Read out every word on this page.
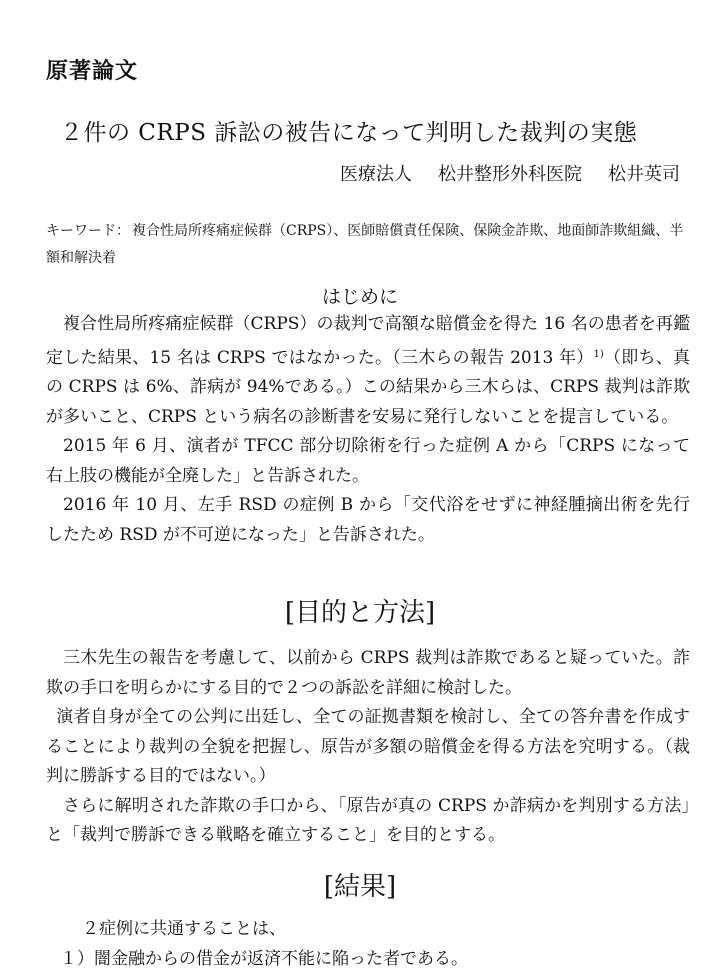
原著論文
２件の CRPS 訴訟の被告になって判明した裁判の実態
医療法人 松井整形外科医院 松井英司
キーワード： 複合性局所疼痛症候群（CRPS）、医師賠償責任保険、保険金詐欺、地面師詐欺組織、半額和解決着
はじめに

複合性局所疼痛症候群（CRPS）の裁判で高額な賠償金を得た 16 名の患者を再鑑定した結果、15 名は CRPS ではなかった。（三木らの報告 2013 年）$^{1)}$（即ち、真の CRPS は 6%、詐病が 94%である。）この結果から三木らは、CRPS 裁判は詐欺が多いこと、CRPS という病名の診断書を安易に発行しないことを提言している。

2015 年 6 月、演者が TFCC 部分切除術を行った症例 A から「CRPS になって右上肢の機能が全廃した」と告訴された。

2016 年 10 月、左手 RSD の症例 B から「交代浴をせずに神経腫摘出術を先行したため RSD が不可逆になった」と告訴された。

[目的と方法]

三木先生の報告を考慮して、以前から CRPS 裁判は詐欺であると疑っていた。詐欺の手口を明らかにする目的で２つの訴訟を詳細に検討した。

演者自身が全ての公判に出廷し、全ての証拠書類を検討し、全ての答弁書を作成することにより裁判の全貌を把握し、原告が多額の賠償金を得る方法を究明する。（裁判に勝訴する目的ではない。）

さらに解明された詐欺の手口から、「原告が真の CRPS か詐病かを判別する方法」と「裁判で勝訴できる戦略を確立すること」を目的とする。

[結果]
２症例に共通することは、
１）闇金融からの借金が返済不能に陥った者である。
